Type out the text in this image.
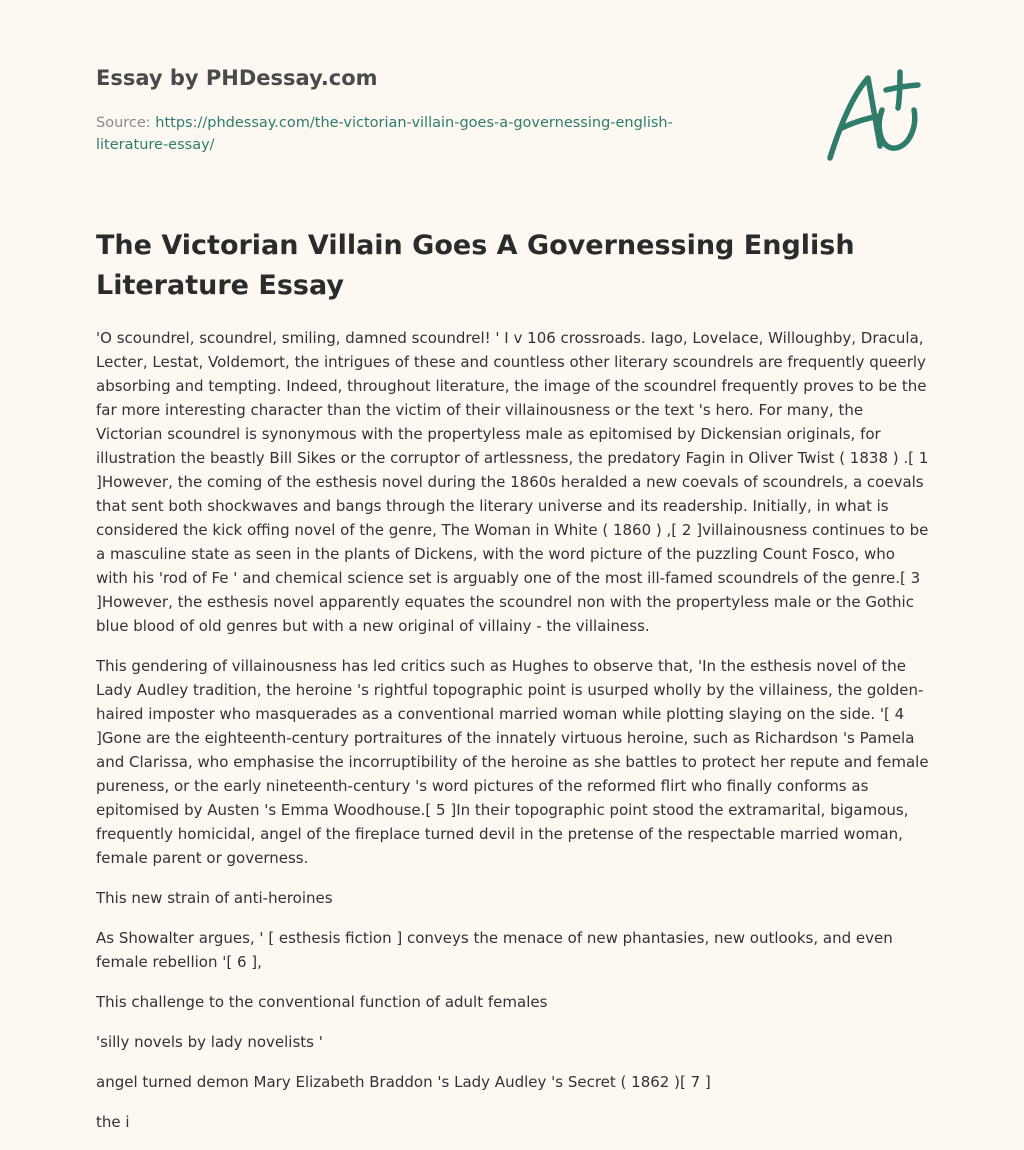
Essay by PHDessay.com
Source: https://phdessay.com/the-victorian-villain-goes-a-governessing-english-
literature-essay/
The Victorian Villain Goes A Governessing English
Literature Essay

'O scoundrel, scoundrel, smiling, damned scoundrel! ' I v 106 crossroads. Iago, Lovelace, Willoughby, Dracula, Lecter, Lestat, Voldemort, the intrigues of these and countless other literary scoundrels are frequently queerly absorbing and tempting. Indeed, throughout literature, the image of the scoundrel frequently proves to be the far more interesting character than the victim of their villainousness or the text 's hero. For many, the Victorian scoundrel is synonymous with the propertyless male as epitomised by Dickensian originals, for illustration the beastly Bill Sikes or the corruptor of artlessness, the predatory Fagin in Oliver Twist ( 1838 ) .[ 1 ]However, the coming of the esthesis novel during the 1860s heralded a new coevals of scoundrels, a coevals that sent both shockwaves and bangs through the literary universe and its readership. Initially, in what is considered the kick offing novel of the genre, The Woman in White ( 1860 ) ,[ 2 ]villainousness continues to be a masculine state as seen in the plants of Dickens, with the word picture of the puzzling Count Fosco, who with his 'rod of Fe ' and chemical science set is arguably one of the most ill-famed scoundrels of the genre.[ 3 ]However, the esthesis novel apparently equates the scoundrel non with the propertyless male or the Gothic blue blood of old genres but with a new original of villainy - the villainess.

This gendering of villainousness has led critics such as Hughes to observe that, 'In the esthesis novel of the Lady Audley tradition, the heroine 's rightful topographic point is usurped wholly by the villainess, the golden-haired imposter who masquerades as a conventional married woman while plotting slaying on the side. '[ 4 ]Gone are the eighteenth-century portraitures of the innately virtuous heroine, such as Richardson 's Pamela and Clarissa, who emphasise the incorruptibility of the heroine as she battles to protect her repute and female pureness, or the early nineteenth-century 's word pictures of the reformed flirt who finally conforms as epitomised by Austen 's Emma Woodhouse.[ 5 ]In their topographic point stood the extramarital, bigamous, frequently homicidal, angel of the fireplace turned devil in the pretense of the respectable married woman, female parent or governess.

This new strain of anti-heroines

As Showalter argues, ' [ esthesis fiction ] conveys the menace of new phantasies, new outlooks, and even female rebellion '[ 6 ],

This challenge to the conventional function of adult females

'silly novels by lady novelists '

angel turned demon Mary Elizabeth Braddon 's Lady Audley 's Secret ( 1862 )[ 7 ]

the i
